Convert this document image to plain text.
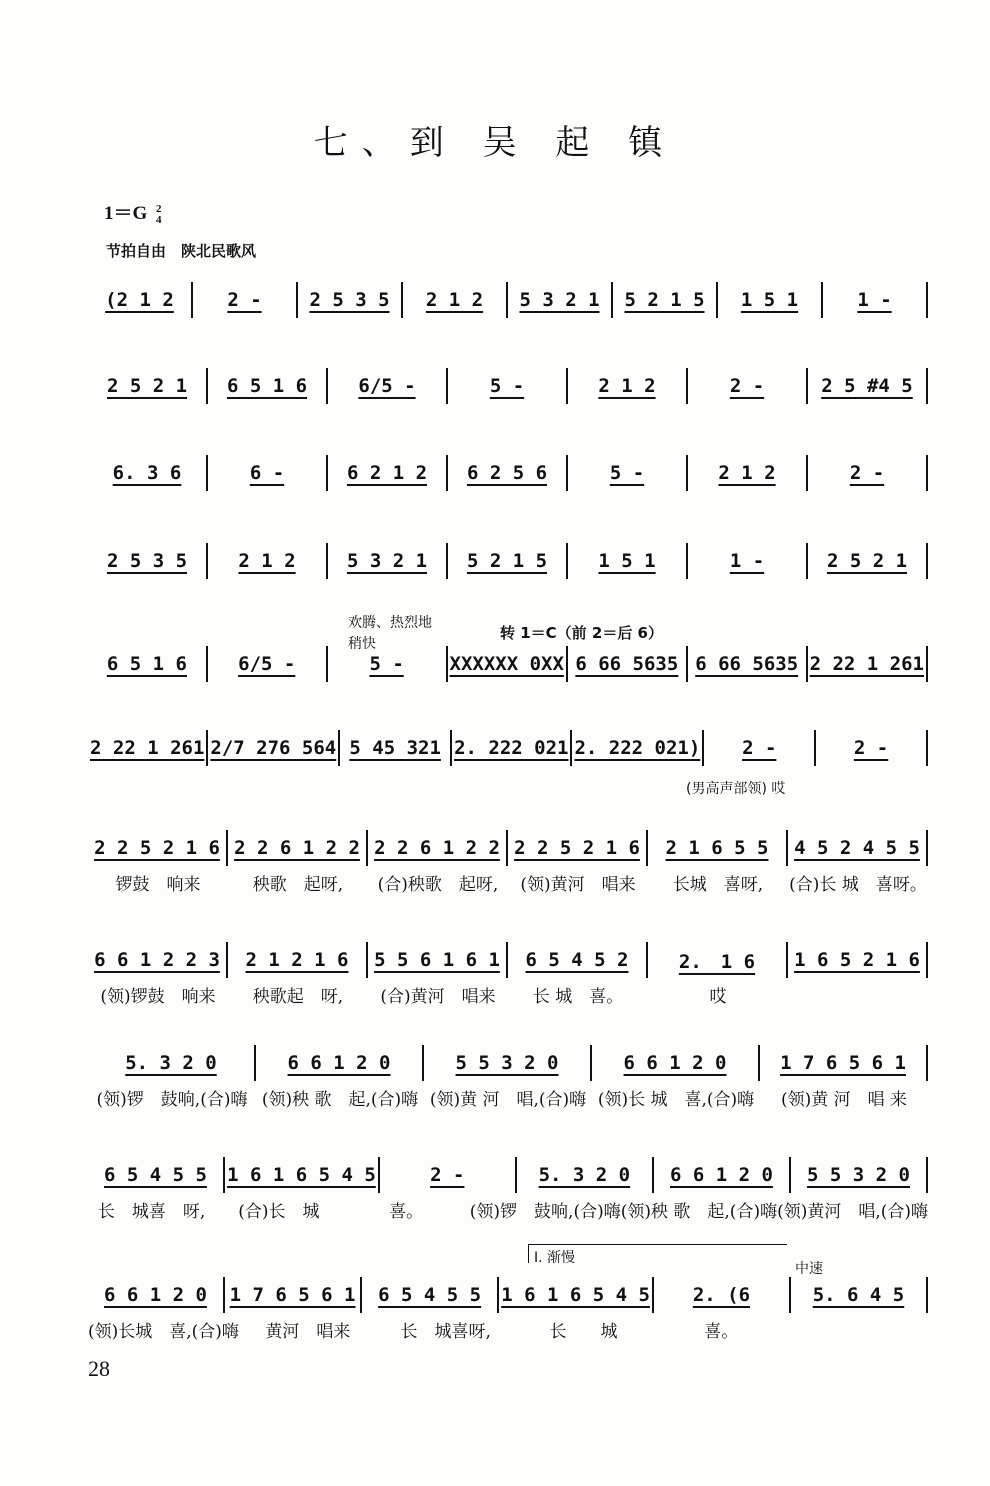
七、到 吴 起 镇
1＝G 2
4
节拍自由　陕北民歌风
欢腾、热烈地
稍快
转 1＝C（前 2＝后 6）
(男高声部领) 哎
I. 渐慢
中速
(2 1 2	2 -	2 5 3 5 2 1 2 5 3 2 1 5 2 1 5 1 5 1	1 -
2 5 2 1 6 5 1 6	6/5 -	5 -	2 1 2	2 -	2 5 #4 5
6. 3 6	6 -	6 2 1 2 6 2 5 6	5 -	2 1 2	2 -
2 5 3 5	2 1 2	5 3 2 1 5 2 1 5	1 5 1	1 -	2 5 2 1
6 5 1 6	6/5 -	5 - XXXXXX 0XX 6 66 5635 6 66 5635 2 22 1 261
2 22 1 261 2/7 276 564 5 45 321 2. 222 021 2. 222 021) 2 -	2 -
2 2 5 2 1 6 2 2 6 1 2 2 2 2 6 1 2 2 2 2 5 2 1 6 2 1 6 5 5 4 5 2 4 5 5
锣鼓　响来	秧歌　起呀,	(合)秧歌　起呀,	(领)黄河　唱来	长城　喜呀,	(合)长 城　喜呀。
6 6 1 2 2 3 2 1 2 1 6 5 5 6 1 6 1 6 5 4 5 2	2.　1 6 1 6 5 2 1 6
(领)锣鼓　响来	秧歌起　呀,	(合)黄河　唱来	长 城　喜。	哎
5. 3 2 0	6 6 1 2 0	5 5 3 2 0	6 6 1 2 0	1 7 6 5 6 1
(领)锣　鼓响,(合)嗨 (领)秧 歌　起,(合)嗨 (领)黄 河　唱,(合)嗨 (领)长 城　喜,(合)嗨	(领)黄 河　唱 来
6 5 4 5 5 1 6 1 6 5 4 5	2 -	5. 3 2 0 6 6 1 2 0 5 5 3 2 0
长　城喜　呀,	(合)长　城	喜。	(领)锣　鼓响,(合)嗨 (领)秧 歌　起,(合)嗨 (领)黄河　唱,(合)嗨
6 6 1 2 0 1 7 6 5 6 1 6 5 4 5 5 1 6 1 6 5 4 5 2. (6	5. 6 4 5
(领)长城　喜,(合)嗨	黄河　唱来	长　城喜呀,	长　　城	喜。
28
